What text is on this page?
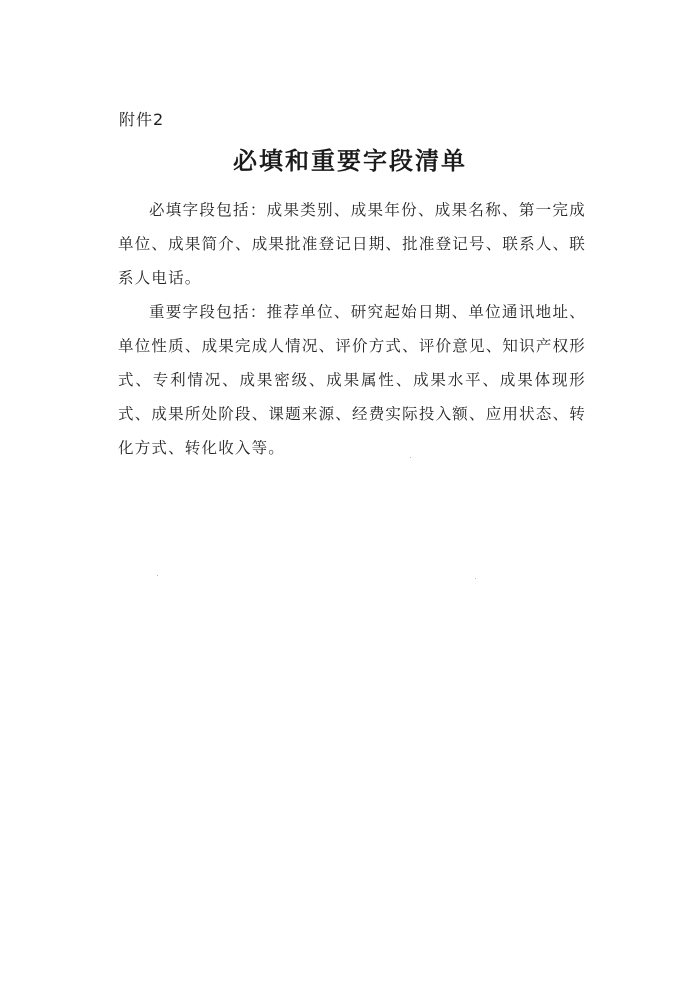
附件2
必填和重要字段清单

必填字段包括：成果类别、成果年份、成果名称、第一完成单位、成果简介、成果批准登记日期、批准登记号、联系人、联系人电话。

重要字段包括：推荐单位、研究起始日期、单位通讯地址、单位性质、成果完成人情况、评价方式、评价意见、知识产权形式、专利情况、成果密级、成果属性、成果水平、成果体现形式、成果所处阶段、课题来源、经费实际投入额、应用状态、转化方式、转化收入等。
